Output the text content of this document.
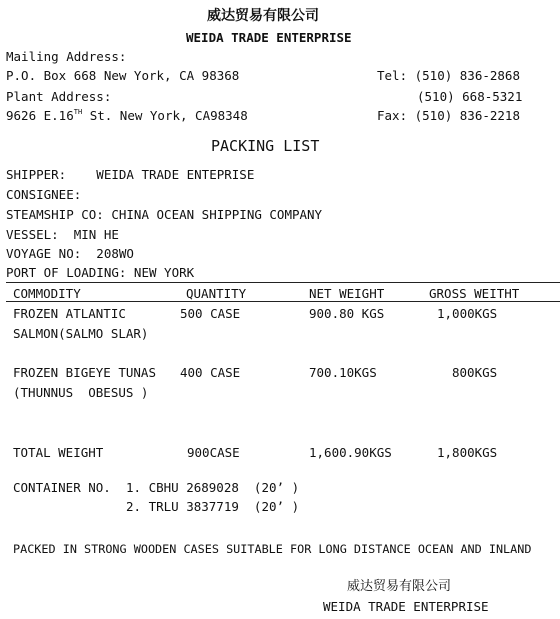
威达贸易有限公司
WEIDA TRADE ENTERPRISE
Mailing Address:
P.O. Box 668 New York, CA 98368
Plant Address:
9626 E.16TH St. New York, CA98348
Tel: (510) 836-2868
(510) 668-5321
Fax: (510) 836-2218
PACKING LIST
SHIPPER:    WEIDA TRADE ENTEPRISE
CONSIGNEE:
STEAMSHIP CO: CHINA OCEAN SHIPPING COMPANY
VESSEL:  MIN HE
VOYAGE NO:  208WO
PORT OF LOADING: NEW YORK
COMMODITY	QUANTITY	NET WEIGHT	GROSS WEITHT
FROZEN ATLANTIC
SALMON(SALMO SLAR)
500 CASE	900.80 KGS	1,000KGS
FROZEN BIGEYE TUNAS
(THUNNUS  OBESUS )
400 CASE	700.10KGS	800KGS
TOTAL WEIGHT	900CASE	1,600.90KGS	1,800KGS
CONTAINER NO. 1. CBHU 2689028  (20’ )
2. TRLU 3837719  (20’ )
PACKED IN STRONG WOODEN CASES SUITABLE FOR LONG DISTANCE OCEAN AND INLAND
威达贸易有限公司
WEIDA TRADE ENTERPRISE
